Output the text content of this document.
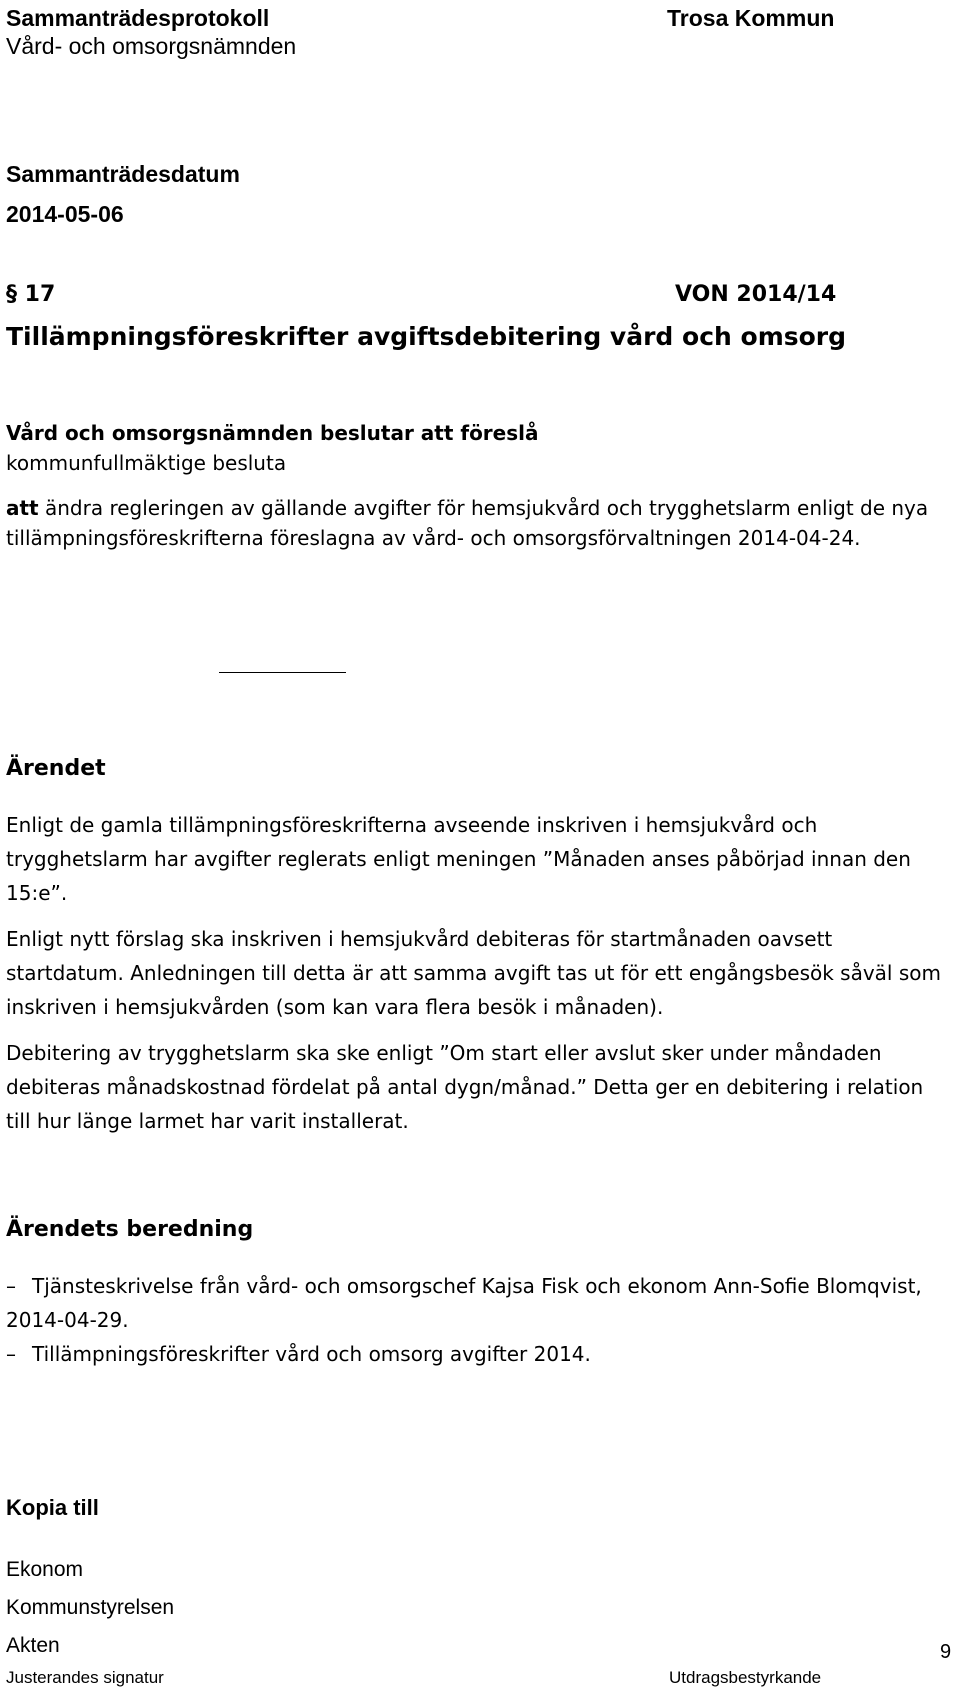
Sammanträdesprotokoll
Vård- och omsorgsnämnden
Trosa Kommun
Sammanträdesdatum
2014-05-06
§ 17	VON 2014/14
Tillämpningsföreskrifter avgiftsdebitering vård och omsorg

Vård och omsorgsnämnden beslutar att föreslå

kommunfullmäktige besluta

att ändra regleringen av gällande avgifter för hemsjukvård och trygghetslarm enligt de nya tillämpningsföreskrifterna föreslagna av vård- och omsorgsförvaltningen 2014-04-24.

Ärendet

Enligt de gamla tillämpningsföreskrifterna avseende inskriven i hemsjukvård och trygghetslarm har avgifter reglerats enligt meningen ”Månaden anses påbörjad innan den 15:e”.

Enligt nytt förslag ska inskriven i hemsjukvård debiteras för startmånaden oavsett startdatum. Anledningen till detta är att samma avgift tas ut för ett engångsbesök såväl som inskriven i hemsjukvården (som kan vara flera besök i månaden).

Debitering av trygghetslarm ska ske enligt ”Om start eller avslut sker under måndaden debiteras månadskostnad fördelat på antal dygn/månad.” Detta ger en debitering i relation till hur länge larmet har varit installerat.

Ärendets beredning
– Tjänsteskrivelse från vård- och omsorgschef Kajsa Fisk och ekonom Ann-Sofie Blomqvist, 2014-04-29.
– Tillämpningsföreskrifter vård och omsorg avgifter 2014.
Kopia till
Ekonom
Kommunstyrelsen
Akten
Justerandes signatur	Utdragsbestyrkande
9
